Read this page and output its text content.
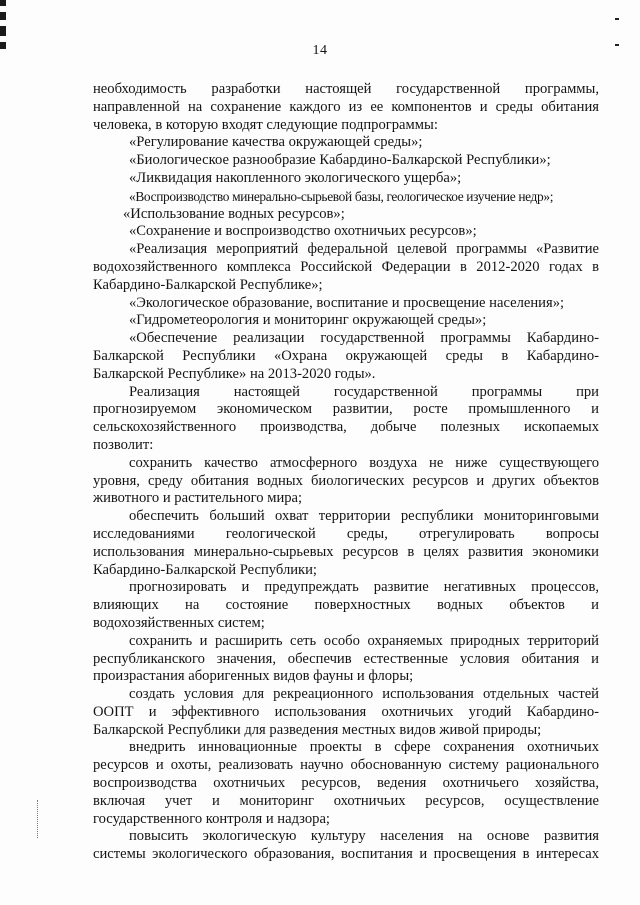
14
необходимость разработки настоящей государственной программы,
направленной на сохранение каждого из ее компонентов и среды обитания
человека, в которую входят следующие подпрограммы:
«Регулирование качества окружающей среды»;
«Биологическое разнообразие Кабардино-Балкарской Республики»;
«Ликвидация накопленного экологического ущерба»;
«Воспроизводство минерально-сырьевой базы, геологическое изучение недр»;
«Использование водных ресурсов»;
«Сохранение и воспроизводство охотничьих ресурсов»;
«Реализация мероприятий федеральной целевой программы «Развитие
водохозяйственного комплекса Российской Федерации в 2012-2020 годах в
Кабардино-Балкарской Республике»;
«Экологическое образование, воспитание и просвещение населения»;
«Гидрометеорология и мониторинг окружающей среды»;
«Обеспечение реализации государственной программы Кабардино-
Балкарской Республики «Охрана окружающей среды в Кабардино-
Балкарской Республике» на 2013-2020 годы».
Реализация настоящей государственной программы при
прогнозируемом экономическом развитии, росте промышленного и
сельскохозяйственного производства, добыче полезных ископаемых
позволит:
сохранить качество атмосферного воздуха не ниже существующего
уровня, среду обитания водных биологических ресурсов и других объектов
животного и растительного мира;
обеспечить больший охват территории республики мониторинговыми
исследованиями геологической среды, отрегулировать вопросы
использования минерально-сырьевых ресурсов в целях развития экономики
Кабардино-Балкарской Республики;
прогнозировать и предупреждать развитие негативных процессов,
влияющих на состояние поверхностных водных объектов и
водохозяйственных систем;
сохранить и расширить сеть особо охраняемых природных территорий
республиканского значения, обеспечив естественные условия обитания и
произрастания аборигенных видов фауны и флоры;
создать условия для рекреационного использования отдельных частей
ООПТ и эффективного использования охотничьих угодий Кабардино-
Балкарской Республики для разведения местных видов живой природы;
внедрить инновационные проекты в сфере сохранения охотничьих
ресурсов и охоты, реализовать научно обоснованную систему рационального
воспроизводства охотничьих ресурсов, ведения охотничьего хозяйства,
включая учет и мониторинг охотничьих ресурсов, осуществление
государственного контроля и надзора;
повысить экологическую культуру населения на основе развития
системы экологического образования, воспитания и просвещения в интересах
